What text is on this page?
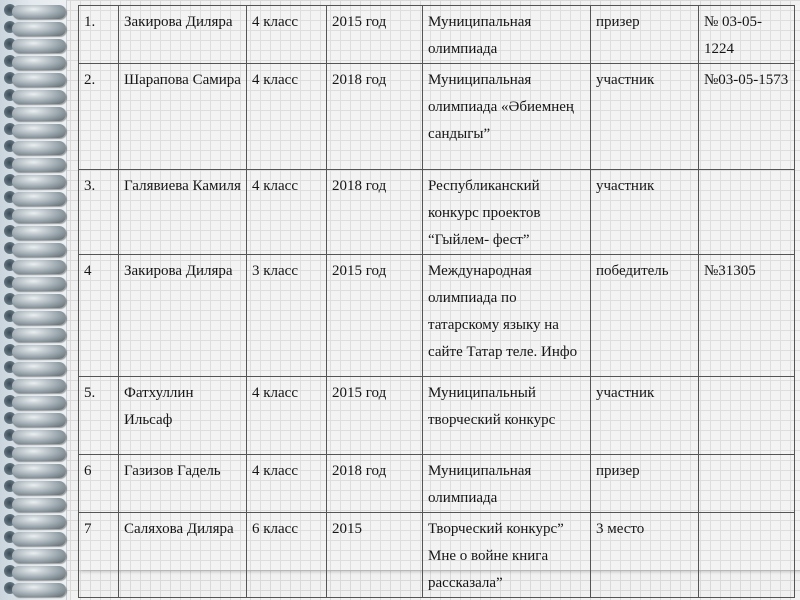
1.	Закирова Диляра	4 класс	2015 год	Муниципальная олимпиада	призер	№ 03-05-1224
2.	Шарапова Самира	4 класс	2018 год	Муниципальная олимпиада «Әбиемнең сандыгы”	участник	№03-05-1573
3.	Галявиева Камиля	4 класс	2018 год	Республиканский конкурс проектов “Гыйлем- фест”	участник	
4	Закирова Диляра	3 класс	2015 год	Международная олимпиада по татарскому языку на сайте Татар теле. Инфо	победитель	№31305
5.	Фатхуллин Ильсаф	4 класс	2015 год	Муниципальный творческий конкурс	участник	
6	Газизов Гадель	4 класс	2018 год	Муниципальная олимпиада	призер	
7	Саляхова Диляра	6 класс	2015	Творческий конкурс” Мне о войне книга рассказала”	3 место	
